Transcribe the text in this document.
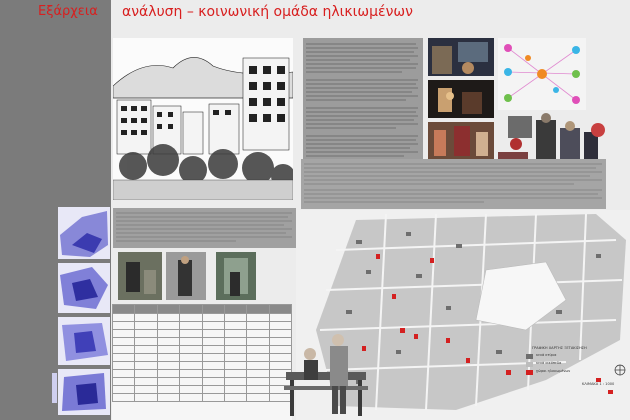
Εξάρχεια ανάλυση – κοινωνική ομάδα ηλικιωμένων

ΓΡΑΦΙΚΗ ΧΑΡΤΗΣ ΞΕΤΑΚΙΣΗΣΗ
κενά κτίρια
κενά οικόπεδα
χώροι ηλικιωμένων
ΚΛΙΜΑΚΑ 1 : 1000
